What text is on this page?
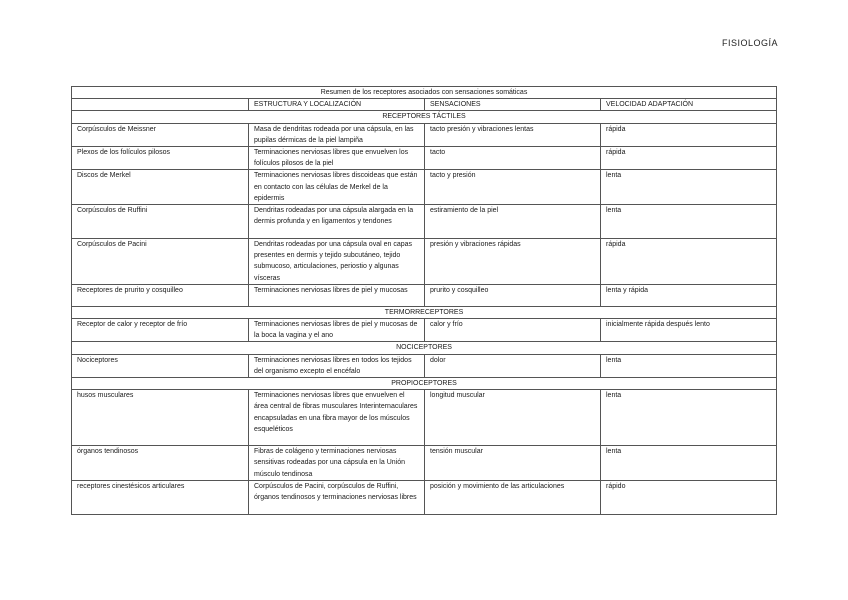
FISIOLOGÍA
Resumen de los receptores asociados con sensaciones somáticas			
	ESTRUCTURA Y LOCALIZACIÓN	SENSACIONES	VELOCIDAD ADAPTACIÓN
RECEPTORES TÁCTILES			
Corpúsculos de Meissner	Masa de dendritas rodeada por una cápsula, en las pupilas dérmicas de la piel lampiña	tacto presión y vibraciones lentas	rápida
Plexos de los folículos pilosos	Terminaciones nerviosas libres que envuelven los folículos pilosos de la piel	tacto	rápida
Discos de Merkel	Terminaciones nerviosas libres discoideas que están en contacto con las células de Merkel de la epidermis	tacto y presión	lenta
Corpúsculos de Ruffini	Dendritas rodeadas por una cápsula alargada en la dermis profunda y en ligamentos y tendones	estiramiento de la piel	lenta
Corpúsculos de Pacini	Dendritas rodeadas por una cápsula oval en capas presentes en dermis y tejido subcutáneo, tejido submucoso, articulaciones, periostio y algunas vísceras	presión y vibraciones rápidas	rápida
Receptores de prurito y cosquilleo	Terminaciones nerviosas libres de piel y mucosas	prurito y cosquilleo	lenta y rápida
TERMORRECEPTORES			
Receptor de calor y receptor de frío	Terminaciones nerviosas libres de piel y mucosas de la boca la vagina y el ano	calor y frío	inicialmente rápida después lento
NOCICEPTORES			
Nociceptores	Terminaciones nerviosas libres en todos los tejidos del organismo excepto el encéfalo	dolor	lenta
PROPIOCEPTORES			
husos musculares	Terminaciones nerviosas libres que envuelven el área central de fibras musculares Interinternaculares encapsuladas en una fibra mayor de los músculos esqueléticos	longitud muscular	lenta
órganos tendinosos	Fibras de colágeno y terminaciones nerviosas sensitivas rodeadas por una cápsula en la Unión músculo tendinosa	tensión muscular	lenta
receptores cinestésicos articulares	Corpúsculos de Pacini, corpúsculos de Ruffini, órganos tendinosos y terminaciones nerviosas libres	posición y movimiento de las articulaciones	rápido
